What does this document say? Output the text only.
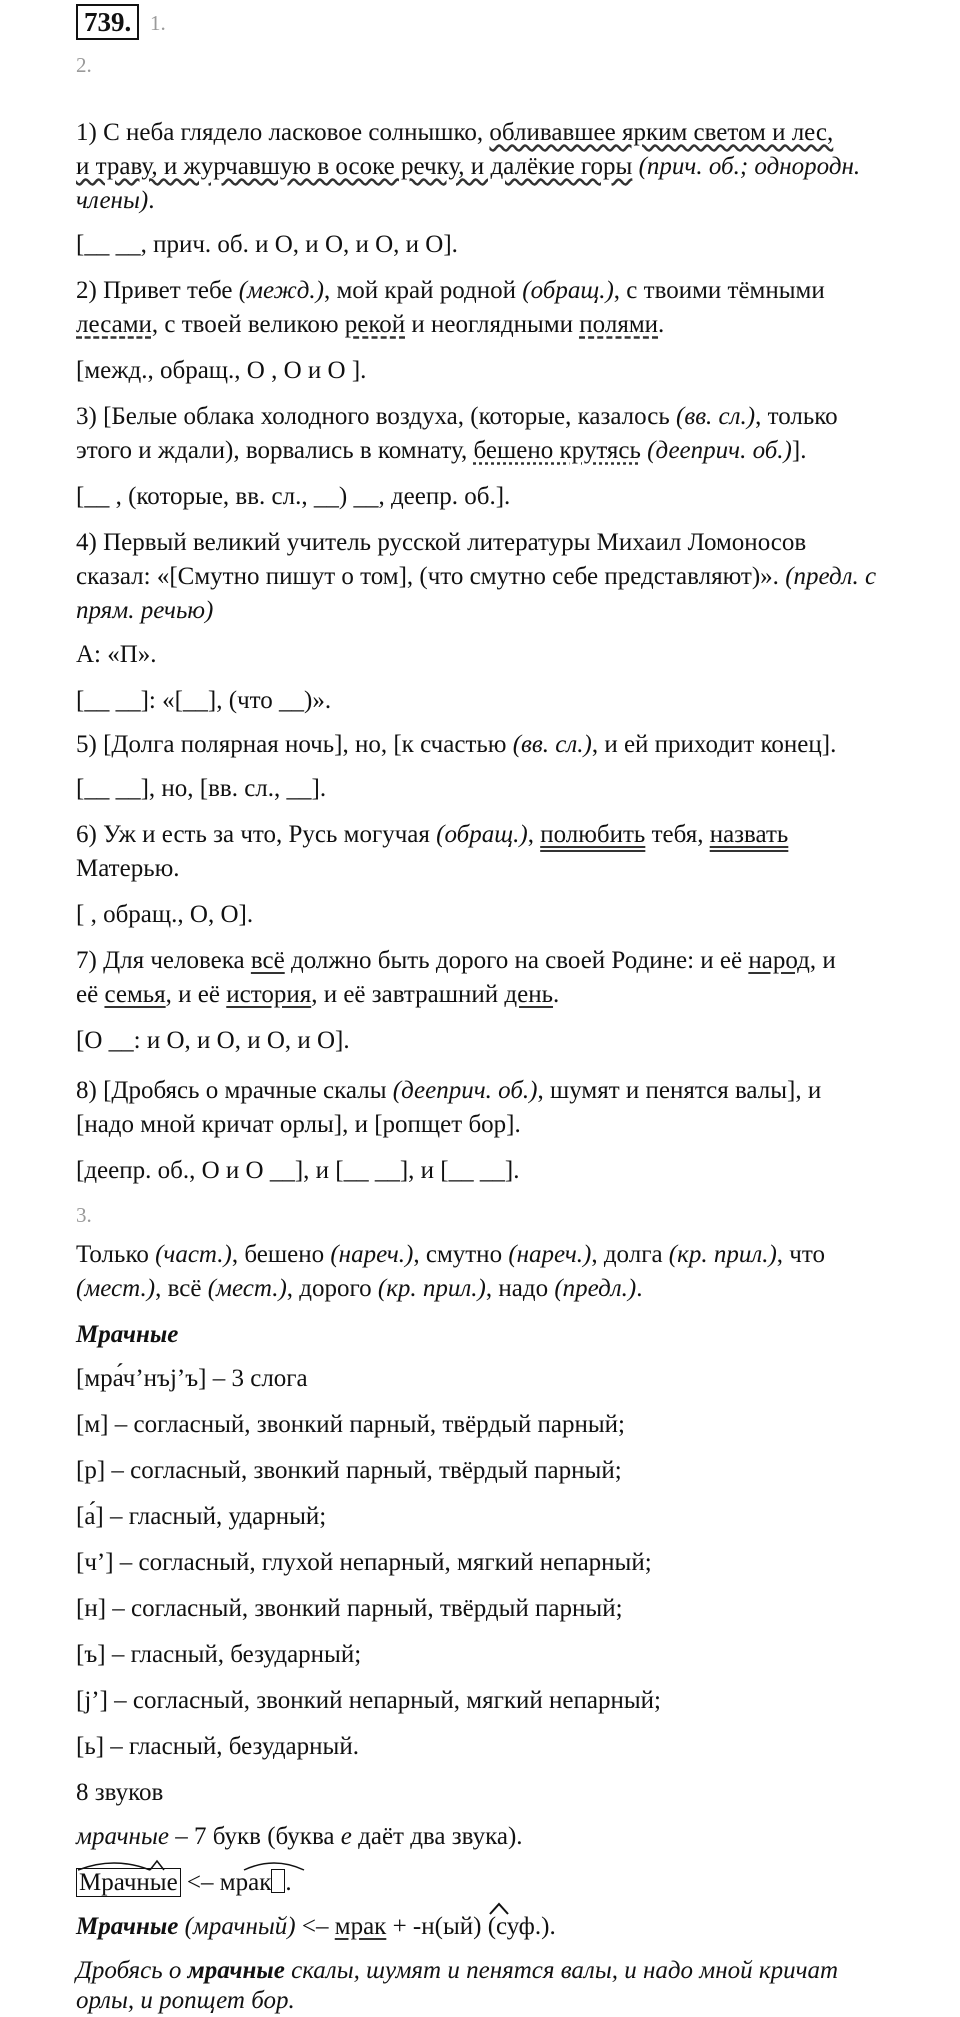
739. 1.
2.
1) С неба глядело ласковое солнышко, обливавшее ярким светом и лес,
и траву, и журчавшую в осоке речку, и далёкие горы (прич. об.; однородн.
члены).
[__ __, прич. об. и О, и О, и О, и О].
2) Привет тебе (межд.), мой край родной (обращ.), с твоими тёмными
лесами, с твоей великою рекой и неоглядными полями.
[межд., обращ., О , О и О ].
3) [Белые облака холодного воздуха, (которые, казалось (вв. сл.), только
этого и ждали), ворвались в комнату, бешено крутясь (дееприч. об.)].
[__ , (которые, вв. сл., __) __, деепр. об.].
4) Первый великий учитель русской литературы Михаил Ломоносов
сказал: «[Смутно пишут о том], (что смутно себе представляют)». (предл. с
прям. речью)
А: «П».
[__ __]: «[__], (что __)».
5) [Долга полярная ночь], но, [к счастью (вв. сл.), и ей приходит конец].
[__ __], но, [вв. сл., __].
6) Уж и есть за что, Русь могучая (обращ.), полюбить тебя, назвать
Матерью.
[ , обращ., О, О].
7) Для человека всё должно быть дорого на своей Родине: и её народ, и
её семья, и её история, и её завтрашний день.
[О __: и О, и О, и О, и О].
8) [Дробясь о мрачные скалы (дееприч. об.), шумят и пенятся валы], и
[надо мной кричат орлы], и [ропщет бор].
[деепр. об., О и О __], и [__ __], и [__ __].
3.
Только (част.), бешено (нареч.), смутно (нареч.), долга (кр. прил.), что
(мест.), всё (мест.), дорого (кр. прил.), надо (предл.).
Мрачные
[мра́ч’нъj’ъ] – 3 слога
[м] – согласный, звонкий парный, твёрдый парный;
[р] – согласный, звонкий парный, твёрдый парный;
[а́] – гласный, ударный;
[ч’] – согласный, глухой непарный, мягкий непарный;
[н] – согласный, звонкий парный, твёрдый парный;
[ъ] – гласный, безударный;
[j’] – согласный, звонкий непарный, мягкий непарный;
[ь] – гласный, безударный.
8 звуков
мрачные – 7 букв (буква е даёт два звука).
Мрачные <– мрак .
Мрачные (мрачный) <– мрак + -н(ый) (суф.).
Дробясь о мрачные скалы, шумят и пенятся валы, и надо мной кричат
орлы, и ропщет бор.
